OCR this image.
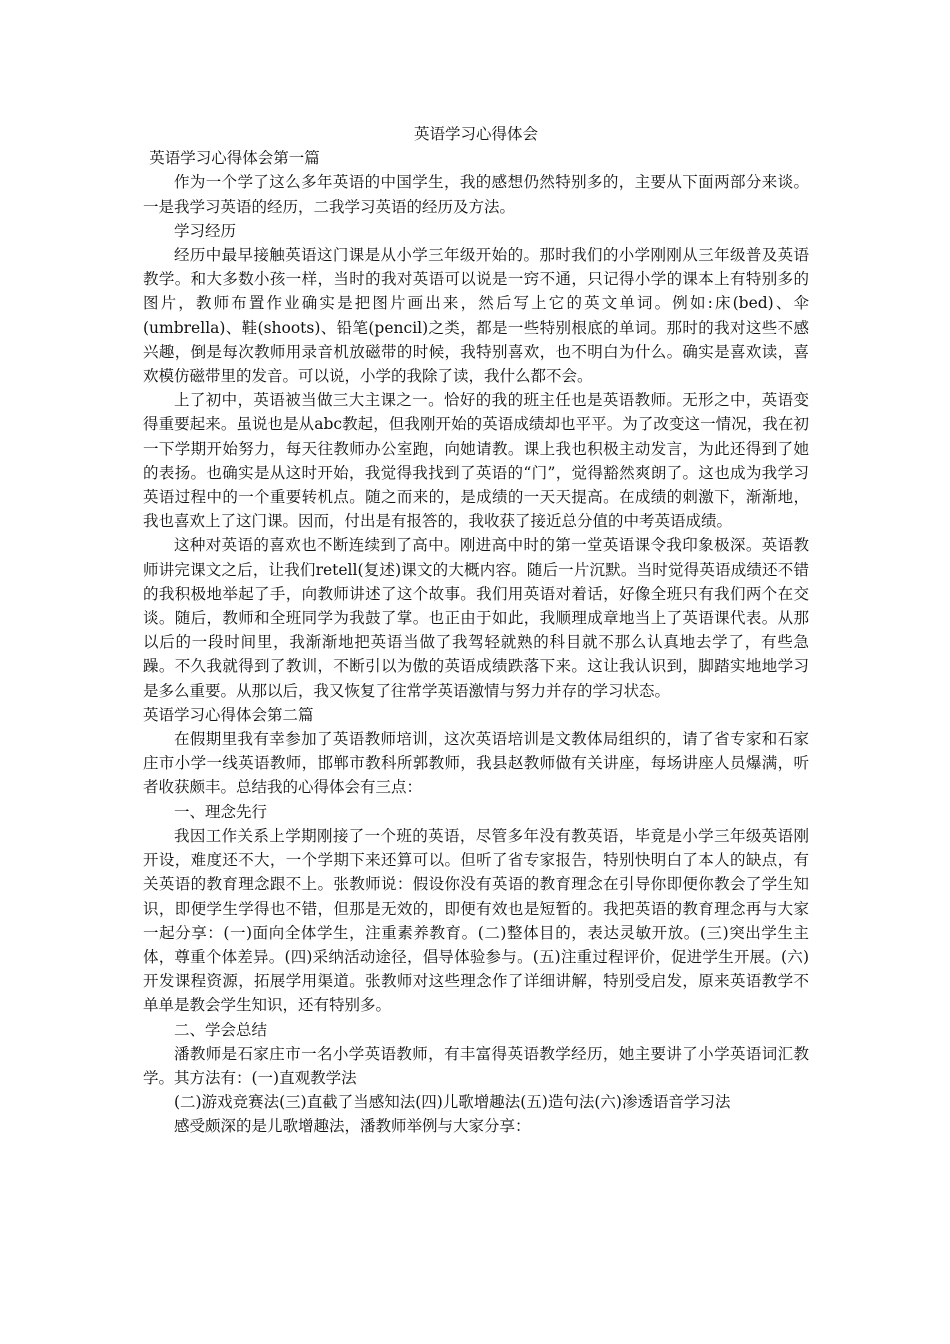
英语学习心得体会

英语学习心得体会第一篇

作为一个学了这么多年英语的中国学生，我的感想仍然特别多的，主要从下面两部分来谈。一是我学习英语的经历，二我学习英语的经历及方法。

学习经历

经历中最早接触英语这门课是从小学三年级开始的。那时我们的小学刚刚从三年级普及英语教学。和大多数小孩一样，当时的我对英语可以说是一窍不通，只记得小学的课本上有特别多的图片，教师布置作业确实是把图片画出来，然后写上它的英文单词。例如:床(bed)、伞(umbrella)、鞋(shoots)、铅笔(pencil)之类，都是一些特别根底的单词。那时的我对这些不感兴趣，倒是每次教师用录音机放磁带的时候，我特别喜欢，也不明白为什么。确实是喜欢读，喜欢模仿磁带里的发音。可以说，小学的我除了读，我什么都不会。

上了初中，英语被当做三大主课之一。恰好的我的班主任也是英语教师。无形之中，英语变得重要起来。虽说也是从abc教起，但我刚开始的英语成绩却也平平。为了改变这一情况，我在初一下学期开始努力，每天往教师办公室跑，向她请教。课上我也积极主动发言，为此还得到了她的表扬。也确实是从这时开始，我觉得我找到了英语的“门”，觉得豁然爽朗了。这也成为我学习英语过程中的一个重要转机点。随之而来的，是成绩的一天天提高。在成绩的刺激下，渐渐地，我也喜欢上了这门课。因而，付出是有报答的，我收获了接近总分值的中考英语成绩。

这种对英语的喜欢也不断连续到了高中。刚进高中时的第一堂英语课令我印象极深。英语教师讲完课文之后，让我们retell(复述)课文的大概内容。随后一片沉默。当时觉得英语成绩还不错的我积极地举起了手，向教师讲述了这个故事。我们用英语对着话，好像全班只有我们两个在交谈。随后，教师和全班同学为我鼓了掌。也正由于如此，我顺理成章地当上了英语课代表。从那以后的一段时间里，我渐渐地把英语当做了我驾轻就熟的科目就不那么认真地去学了，有些急躁。不久我就得到了教训，不断引以为傲的英语成绩跌落下来。这让我认识到，脚踏实地地学习是多么重要。从那以后，我又恢复了往常学英语激情与努力并存的学习状态。

英语学习心得体会第二篇

在假期里我有幸参加了英语教师培训，这次英语培训是文教体局组织的，请了省专家和石家庄市小学一线英语教师，邯郸市教科所郭教师，我县赵教师做有关讲座，每场讲座人员爆满，听者收获颇丰。总结我的心得体会有三点：

一、理念先行

我因工作关系上学期刚接了一个班的英语，尽管多年没有教英语，毕竟是小学三年级英语刚开设，难度还不大，一个学期下来还算可以。但听了省专家报告，特别快明白了本人的缺点，有关英语的教育理念跟不上。张教师说：假设你没有英语的教育理念在引导你即便你教会了学生知识，即便学生学得也不错，但那是无效的，即便有效也是短暂的。我把英语的教育理念再与大家一起分享：(一)面向全体学生，注重素养教育。(二)整体目的，表达灵敏开放。(三)突出学生主体，尊重个体差异。(四)采纳活动途径，倡导体验参与。(五)注重过程评价，促进学生开展。(六)开发课程资源，拓展学用渠道。张教师对这些理念作了详细讲解，特别受启发，原来英语教学不单单是教会学生知识，还有特别多。

二、学会总结

潘教师是石家庄市一名小学英语教师，有丰富得英语教学经历，她主要讲了小学英语词汇教学。其方法有：(一)直观教学法

(二)游戏竞赛法(三)直截了当感知法(四)儿歌增趣法(五)造句法(六)渗透语音学习法

感受颇深的是儿歌增趣法，潘教师举例与大家分享：
